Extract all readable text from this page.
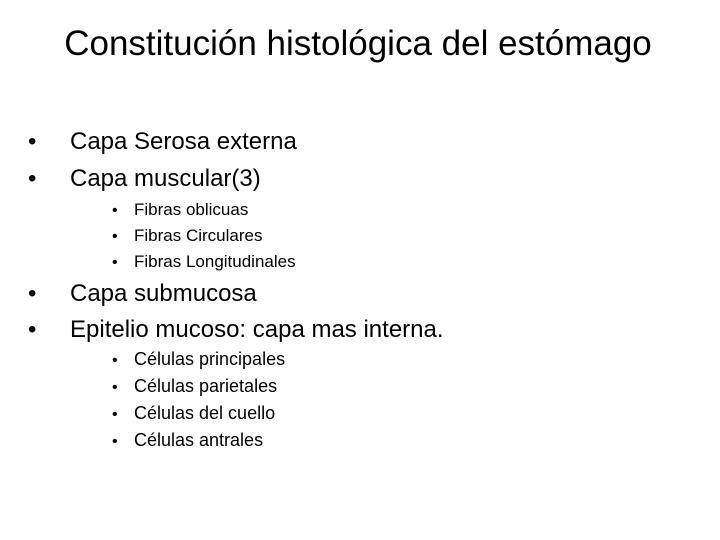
Constitución histológica del estómago
• Capa Serosa externa
• Capa muscular(3)
• Fibras oblicuas
• Fibras Circulares
• Fibras Longitudinales
• Capa submucosa
• Epitelio mucoso: capa mas interna.
• Células principales
• Células parietales
• Células del cuello
• Células antrales
